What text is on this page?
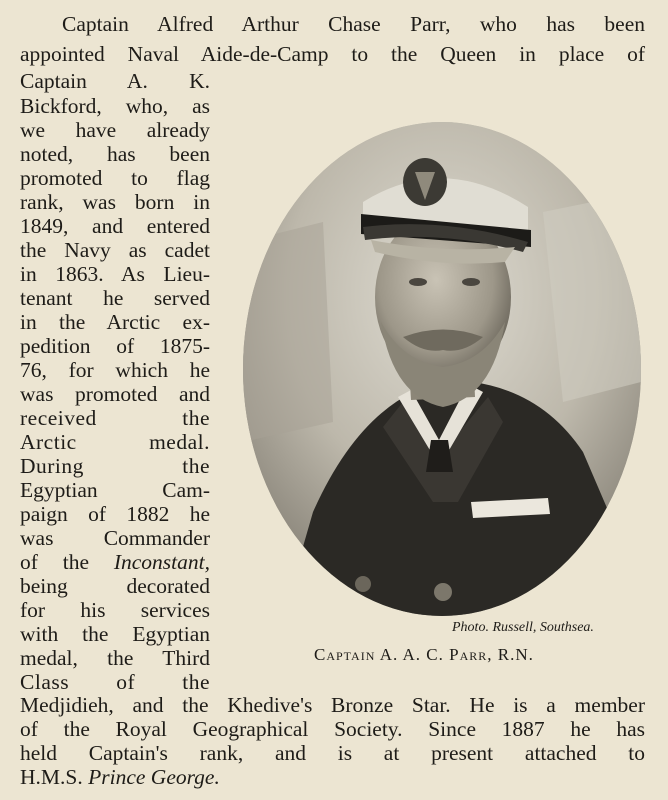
Captain Alfred Arthur Chase Parr, who has been
appointed Naval Aide-de-Camp to the Queen in place of
Captain A. K.
Bickford, who, as
we have already
noted, has been
promoted to flag
rank, was born in
1849, and entered
the Navy as cadet
in 1863. As Lieu-
tenant he served
in the Arctic ex-
pedition of 1875-
76, for which he
was promoted and
received the
Arctic medal.
During the
Egyptian Cam-
paign of 1882 he
was Commander
of the Inconstant,
being decorated
for his services
with the Egyptian
medal, the Third
Class of the
Medjidieh, and the Khedive's Bronze Star. He is a member
of the Royal Geographical Society. Since 1887 he has
held Captain's rank, and is at present attached to
H.M.S. Prince George.
Photo. Russell, Southsea.
Captain A. A. C. Parr, R.N.
